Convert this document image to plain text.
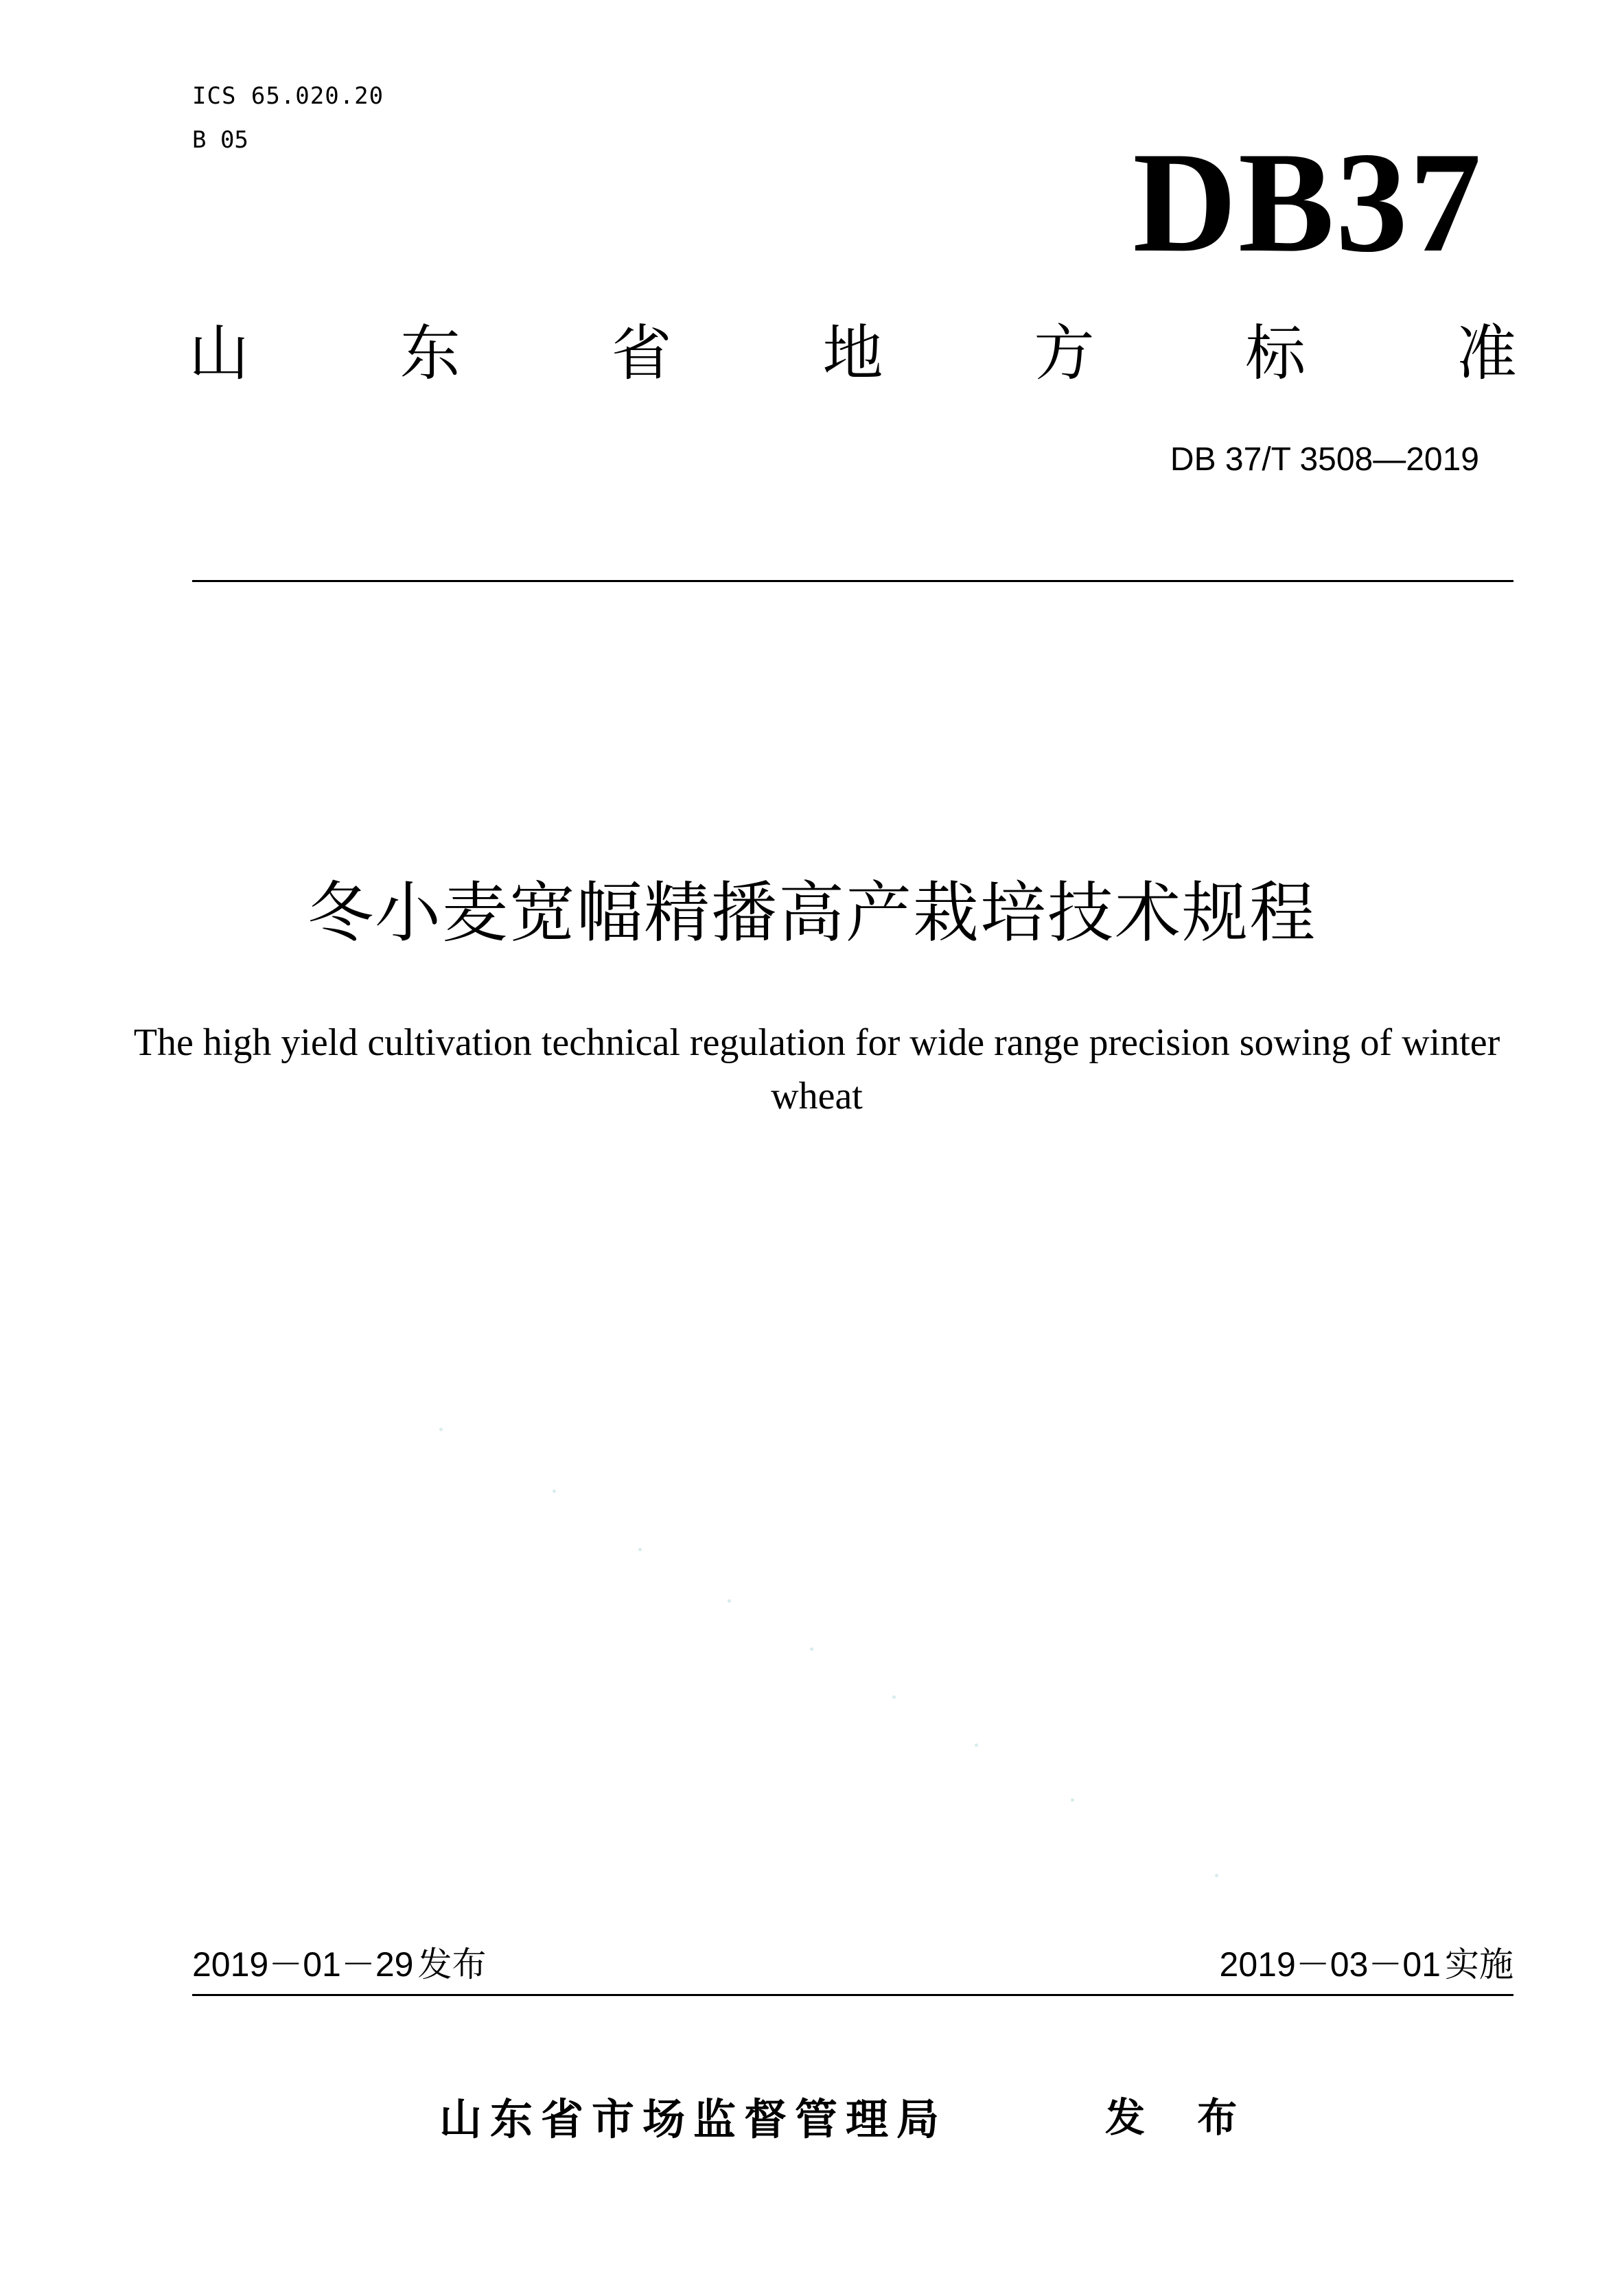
ICS 65.020.20
B 05	DB37
山 东 省 地 方 标 准
DB 37/T 3508—2019
冬小麦宽幅精播高产栽培技术规程
The high yield cultivation technical regulation for wide range precision sowing of winter wheat
2019－01－29 发布	2019－03－01 实施
山东省市场监督管理局	发 布
